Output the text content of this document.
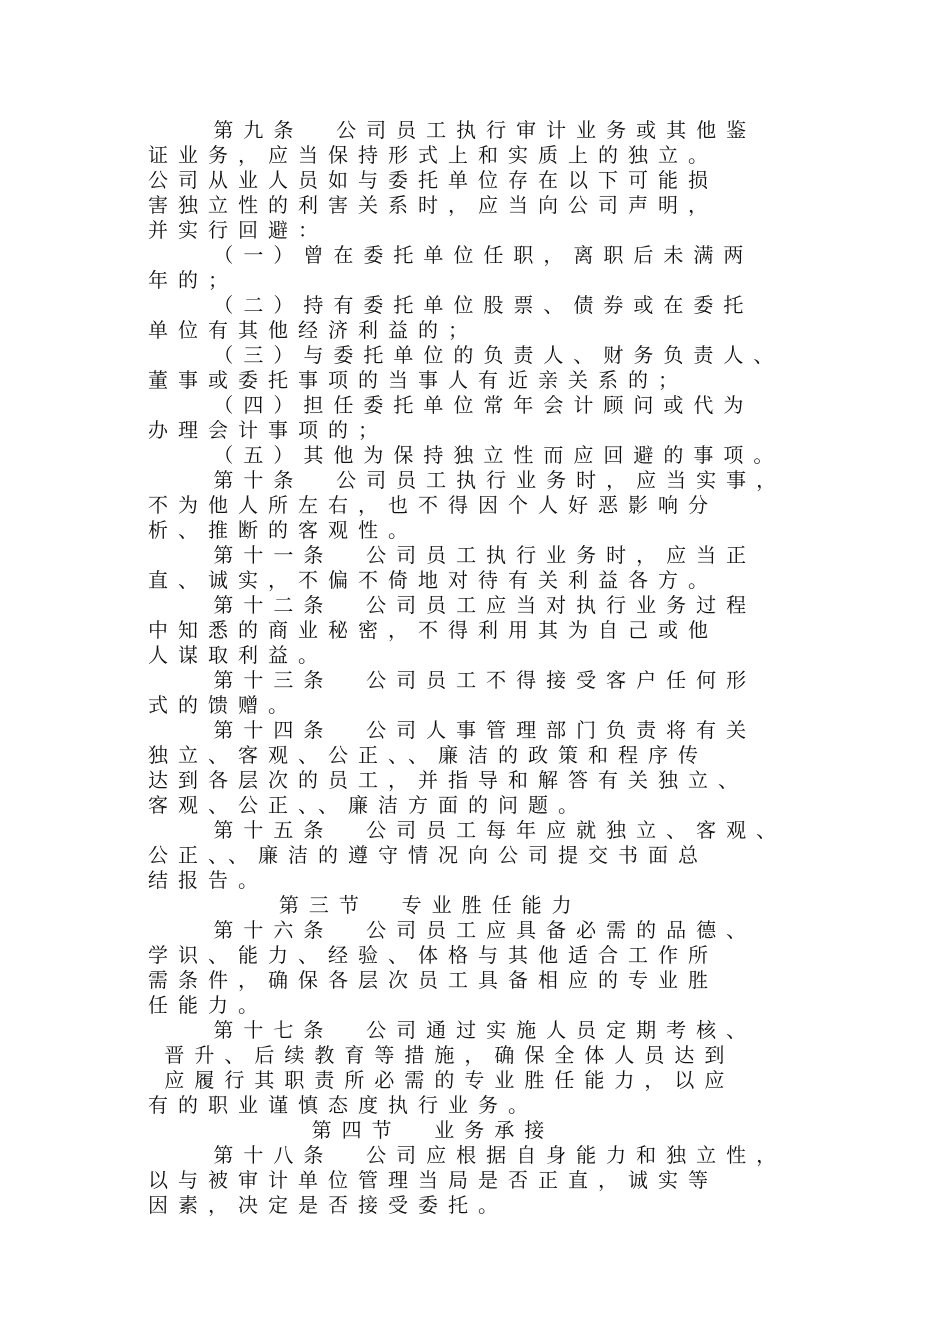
第九条  公司员工执行审计业务或其他鉴
证业务，应当保持形式上和实质上的独立。
公司从业人员如与委托单位存在以下可能损
害独立性的利害关系时，应当向公司声明，
并实行回避：
（一）曾在委托单位任职，离职后未满两
年的；
（二）持有委托单位股票、债券或在委托
单位有其他经济利益的；
（三）与委托单位的负责人、财务负责人、
董事或委托事项的当事人有近亲关系的；
（四）担任委托单位常年会计顾问或代为
办理会计事项的；
（五）其他为保持独立性而应回避的事项。
第十条  公司员工执行业务时，应当实事，
不为他人所左右，也不得因个人好恶影响分
析、推断的客观性。
第十一条  公司员工执行业务时，应当正
直、诚实，不偏不倚地对待有关利益各方。
第十二条  公司员工应当对执行业务过程
中知悉的商业秘密，不得利用其为自己或他
人谋取利益。
第十三条  公司员工不得接受客户任何形
式的馈赠。
第十四条  公司人事管理部门负责将有关
独立、客观、公正、、廉洁的政策和程序传
达到各层次的员工，并指导和解答有关独立、
客观、公正、、廉洁方面的问题。
第十五条  公司员工每年应就独立、客观、
公正、、廉洁的遵守情况向公司提交书面总
结报告。
第三节  专业胜任能力
第十六条  公司员工应具备必需的品德、
学识、能力、经验、体格与其他适合工作所
需条件，确保各层次员工具备相应的专业胜
任能力。
第十七条  公司通过实施人员定期考核、
晋升、后续教育等措施，确保全体人员达到
应履行其职责所必需的专业胜任能力，以应
有的职业谨慎态度执行业务。
第四节  业务承接
第十八条  公司应根据自身能力和独立性，
以与被审计单位管理当局是否正直，诚实等
因素，决定是否接受委托。
